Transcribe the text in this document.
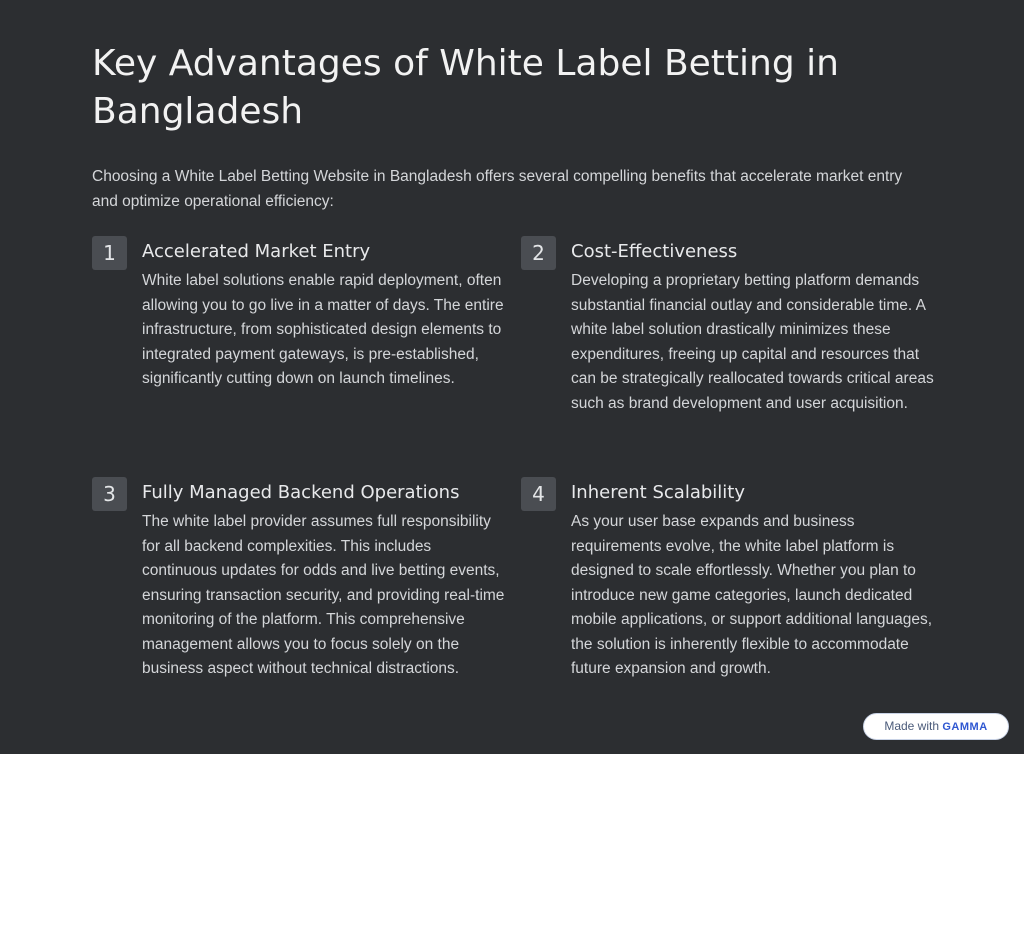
Key Advantages of White Label Betting in Bangladesh

Choosing a White Label Betting Website in Bangladesh offers several compelling benefits that accelerate market entry and optimize operational efficiency:

1	Accelerated Market Entry

White label solutions enable rapid deployment, often allowing you to go live in a matter of days. The entire infrastructure, from sophisticated design elements to integrated payment gateways, is pre-established, significantly cutting down on launch timelines.

2	Cost-Effectiveness

Developing a proprietary betting platform demands substantial financial outlay and considerable time. A white label solution drastically minimizes these expenditures, freeing up capital and resources that can be strategically reallocated towards critical areas such as brand development and user acquisition.

3	Fully Managed Backend Operations

The white label provider assumes full responsibility for all backend complexities. This includes continuous updates for odds and live betting events, ensuring transaction security, and providing real-time monitoring of the platform. This comprehensive management allows you to focus solely on the business aspect without technical distractions.

4	Inherent Scalability

As your user base expands and business requirements evolve, the white label platform is designed to scale effortlessly. Whether you plan to introduce new game categories, launch dedicated mobile applications, or support additional languages, the solution is inherently flexible to accommodate future expansion and growth.

Made with GAMMA
